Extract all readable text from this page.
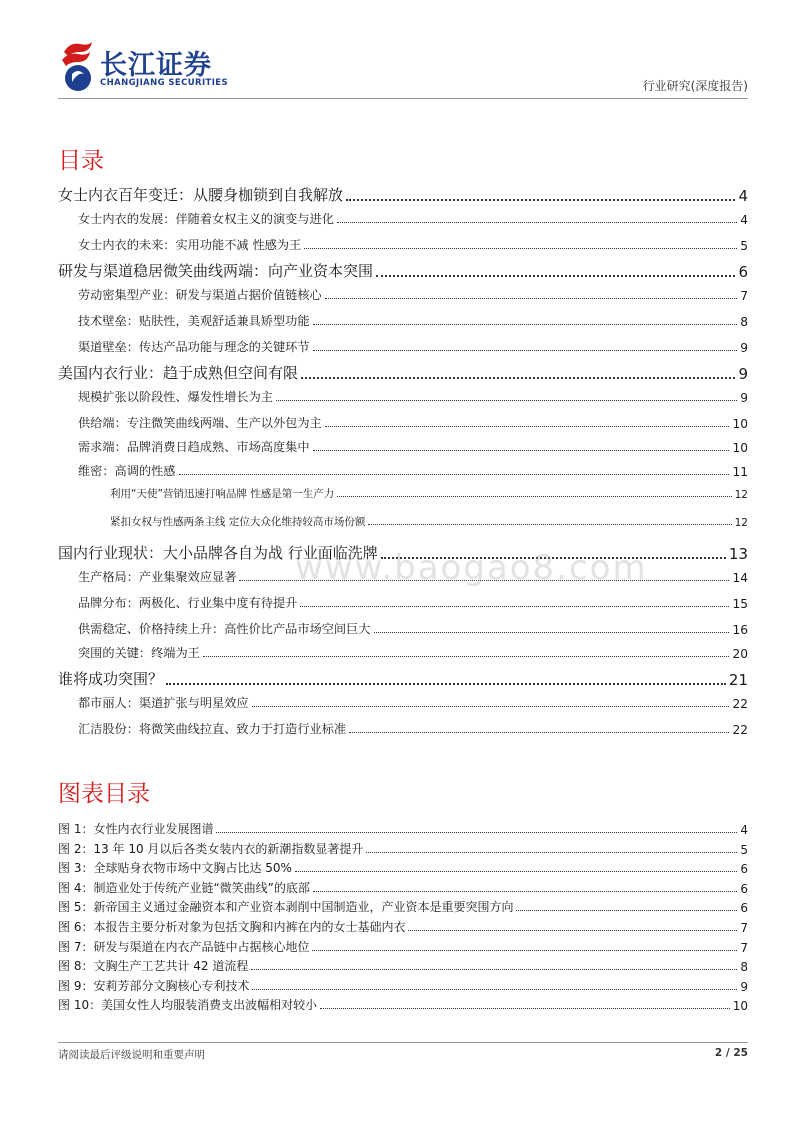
长江证券
CHANGJIANG SECURITIES	行业研究(深度报告)
目录
女士内衣百年变迁：从腰身枷锁到自我解放	4
女士内衣的发展：伴随着女权主义的演变与进化	4
女士内衣的未来：实用功能不减 性感为王	5
研发与渠道稳居微笑曲线两端：向产业资本突围	6
劳动密集型产业：研发与渠道占据价值链核心	7
技术壁垒：贴肤性，美观舒适兼具矫型功能	8
渠道壁垒：传达产品功能与理念的关键环节	9
美国内衣行业：趋于成熟但空间有限	9
规模扩张以阶段性、爆发性增长为主	9
供给端：专注微笑曲线两端、生产以外包为主	10
需求端：品牌消费日趋成熟、市场高度集中	10
维密：高调的性感	11
利用“天使”营销迅速打响品牌 性感是第一生产力	12
紧扣女权与性感两条主线 定位大众化维持较高市场份额	12
国内行业现状：大小品牌各自为战 行业面临洗牌	13
生产格局：产业集聚效应显著	14
品牌分布：两极化、行业集中度有待提升	15
供需稳定、价格持续上升：高性价比产品市场空间巨大	16
突围的关键：终端为王	20
谁将成功突围？	21
都市丽人：渠道扩张与明星效应	22
汇洁股份：将微笑曲线拉直、致力于打造行业标准	22
图表目录
图 1：女性内衣行业发展图谱	4
图 2：13 年 10 月以后各类女装内衣的新潮指数显著提升	5
图 3：全球贴身衣物市场中文胸占比达 50%	6
图 4：制造业处于传统产业链“微笑曲线”的底部	6
图 5：新帝国主义通过金融资本和产业资本剥削中国制造业，产业资本是重要突围方向	6
图 6：本报告主要分析对象为包括文胸和内裤在内的女士基础内衣	7
图 7：研发与渠道在内衣产品链中占据核心地位	7
图 8：文胸生产工艺共计 42 道流程	8
图 9：安莉芳部分文胸核心专利技术	9
图 10：美国女性人均服装消费支出波幅相对较小	10
www.baogao8.com
请阅读最后评级说明和重要声明	2 / 25
